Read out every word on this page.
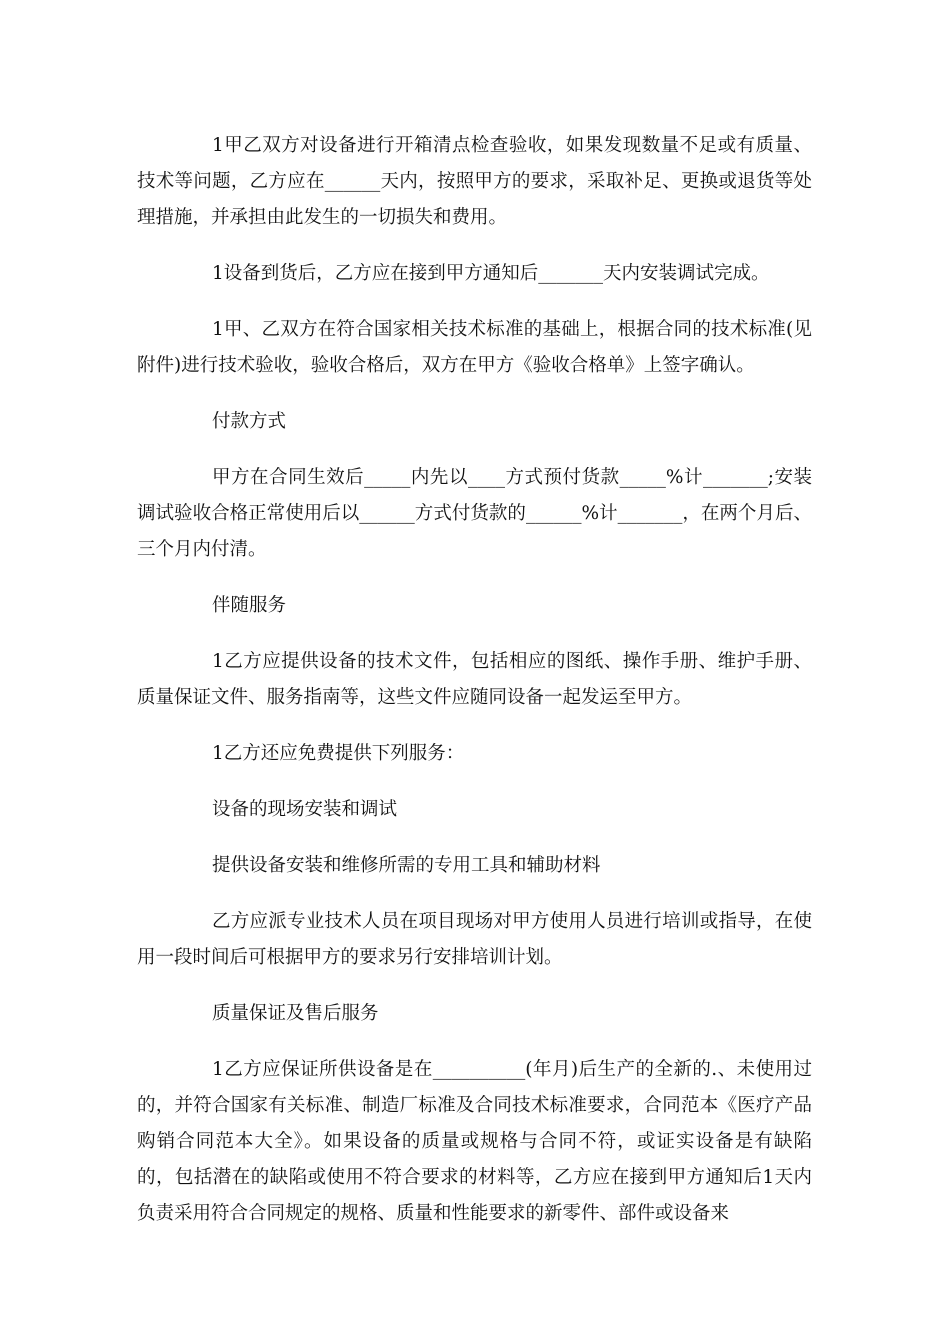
1甲乙双方对设备进行开箱清点检查验收，如果发现数量不足或有质量、技术等问题，乙方应在______天内，按照甲方的要求，采取补足、更换或退货等处理措施，并承担由此发生的一切损失和费用。

1设备到货后，乙方应在接到甲方通知后_______天内安装调试完成。

1甲、乙双方在符合国家相关技术标准的基础上，根据合同的技术标准(见附件)进行技术验收，验收合格后，双方在甲方《验收合格单》上签字确认。

付款方式

甲方在合同生效后_____内先以____方式预付货款_____%计_______;安装调试验收合格正常使用后以______方式付货款的______%计_______，在两个月后、三个月内付清。

伴随服务

1乙方应提供设备的技术文件，包括相应的图纸、操作手册、维护手册、质量保证文件、服务指南等，这些文件应随同设备一起发运至甲方。

1乙方还应免费提供下列服务：

设备的现场安装和调试

提供设备安装和维修所需的专用工具和辅助材料

乙方应派专业技术人员在项目现场对甲方使用人员进行培训或指导，在使用一段时间后可根据甲方的要求另行安排培训计划。

质量保证及售后服务

1乙方应保证所供设备是在__________(年月)后生产的全新的.、未使用过的，并符合国家有关标准、制造厂标准及合同技术标准要求，合同范本《医疗产品购销合同范本大全》。如果设备的质量或规格与合同不符，或证实设备是有缺陷的，包括潜在的缺陷或使用不符合要求的材料等，乙方应在接到甲方通知后1天内负责采用符合合同规定的规格、质量和性能要求的新零件、部件或设备来
